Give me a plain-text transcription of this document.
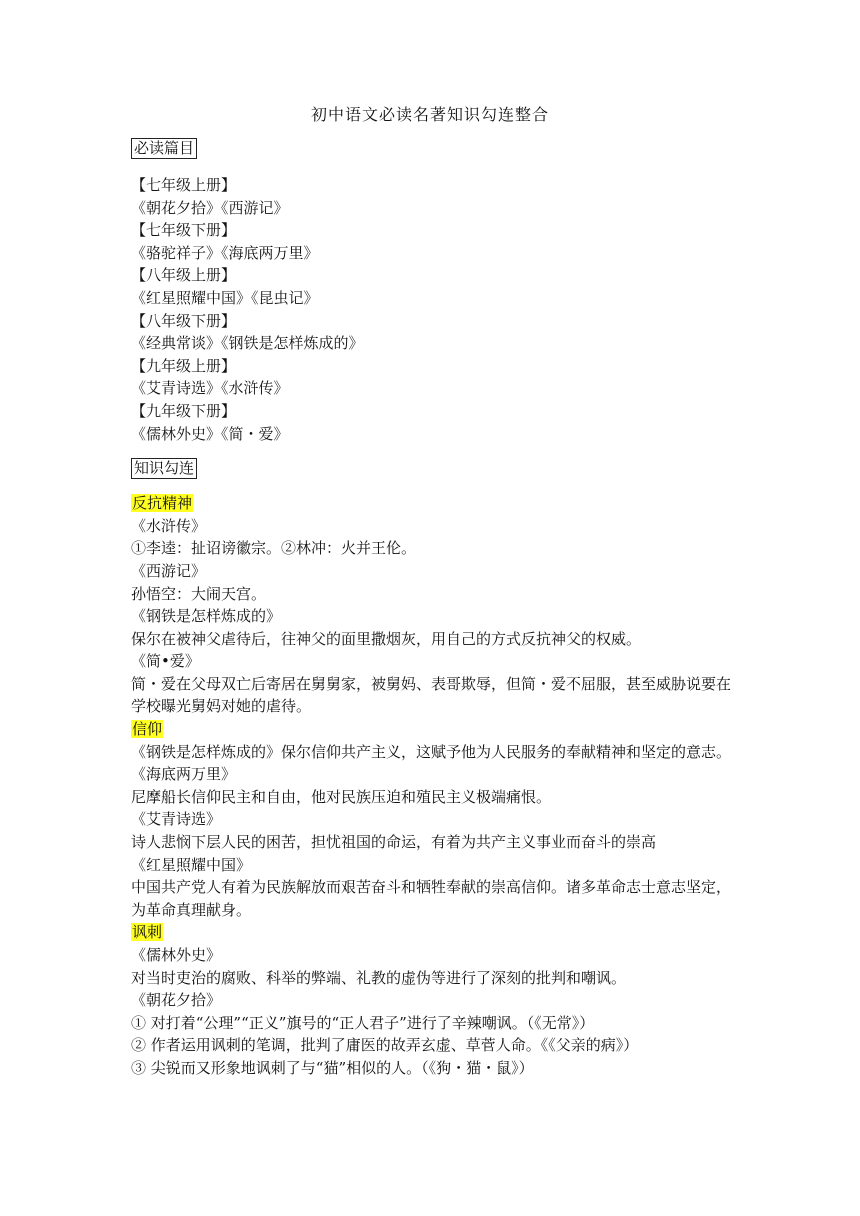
初中语文必读名著知识勾连整合
必读篇目
【七年级上册】
《朝花夕拾》《西游记》
【七年级下册】
《骆驼祥子》《海底两万里》
【八年级上册】
《红星照耀中国》《昆虫记》
【八年级下册】
《经典常谈》《钢铁是怎样炼成的》
【九年级上册】
《艾青诗选》《水浒传》
【九年级下册】
《儒林外史》《简・爱》
知识勾连
反抗精神
《水浒传》
①李逵：扯诏谤徽宗。②林冲：火并王伦。
《西游记》
孙悟空：大闹天宫。
《钢铁是怎样炼成的》
保尔在被神父虐待后，往神父的面里撒烟灰，用自己的方式反抗神父的权威。
《简•爱》
简・爱在父母双亡后寄居在舅舅家，被舅妈、表哥欺辱，但简・爱不屈服，甚至威胁说要在学校曝光舅妈对她的虐待。
信仰
《钢铁是怎样炼成的》保尔信仰共产主义，这赋予他为人民服务的奉献精神和坚定的意志。
《海底两万里》
尼摩船长信仰民主和自由，他对民族压迫和殖民主义极端痛恨。
《艾青诗选》
诗人悲悯下层人民的困苦，担忧祖国的命运，有着为共产主义事业而奋斗的崇高
《红星照耀中国》
中国共产党人有着为民族解放而艰苦奋斗和牺牲奉献的崇高信仰。诸多革命志士意志坚定，为革命真理献身。
讽刺
《儒林外史》
对当时吏治的腐败、科举的弊端、礼教的虚伪等进行了深刻的批判和嘲讽。
《朝花夕拾》
① 对打着“公理”“正义”旗号的“正人君子”进行了辛辣嘲讽。（《无常》）
② 作者运用讽刺的笔调，批判了庸医的故弄玄虚、草菅人命。《《父亲的病》）
③ 尖锐而又形象地讽刺了与“猫”相似的人。（《狗・猫・鼠》）
